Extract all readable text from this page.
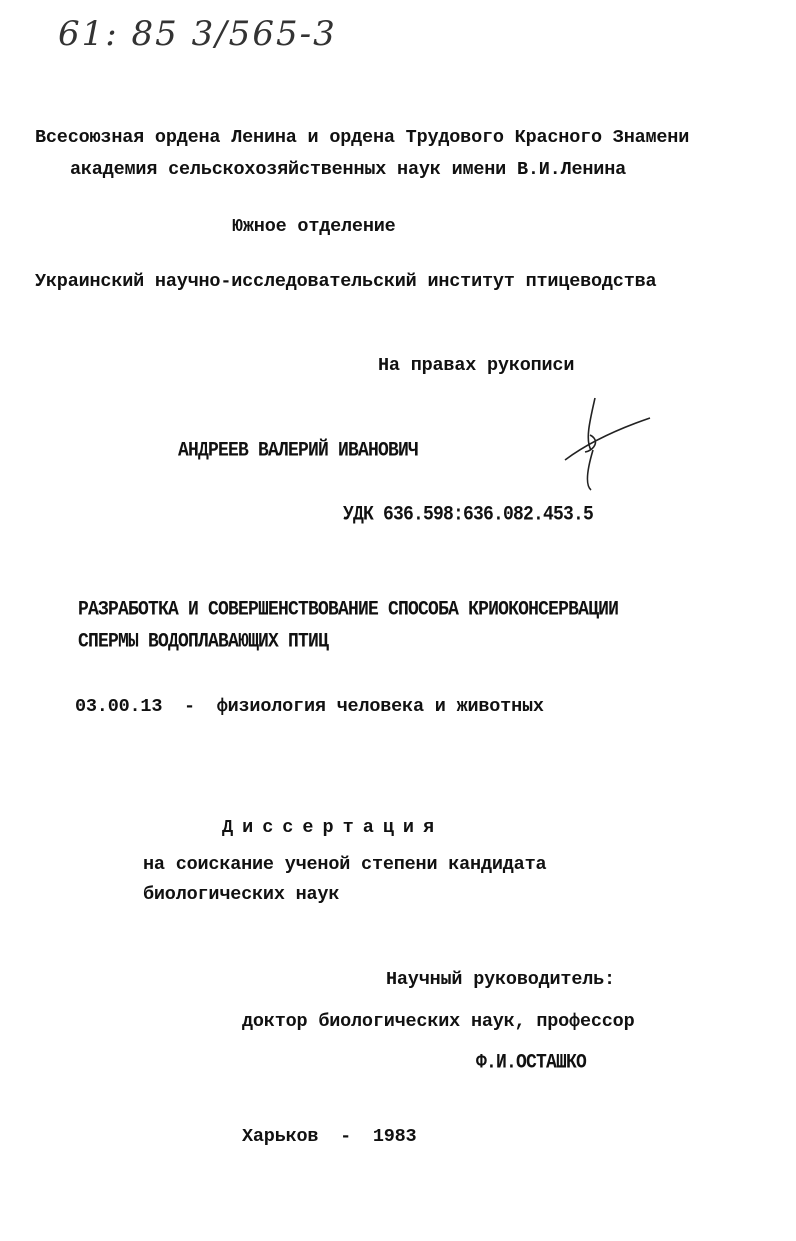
61: 85 3/565-3
Всесоюзная ордена Ленина и ордена Трудового Красного Знамени
академия сельскохозяйственных наук имени В.И.Ленина
Южное отделение
Украинский научно-исследовательский институт птицеводства
На правах рукописи
АНДРЕЕВ ВАЛЕРИЙ ИВАНОВИЧ
УДК 636.598:636.082.453.5
РАЗРАБОТКА И СОВЕРШЕНСТВОВАНИЕ СПОСОБА КРИОКОНСЕРВАЦИИ
СПЕРМЫ ВОДОПЛАВАЮЩИХ ПТИЦ
03.00.13  -  физиология человека и животных
Диссертация
на соискание ученой степени кандидата
биологических наук
Научный руководитель:
доктор биологических наук, профессор
Ф.И.ОСТАШКО
Харьков  -  1983
